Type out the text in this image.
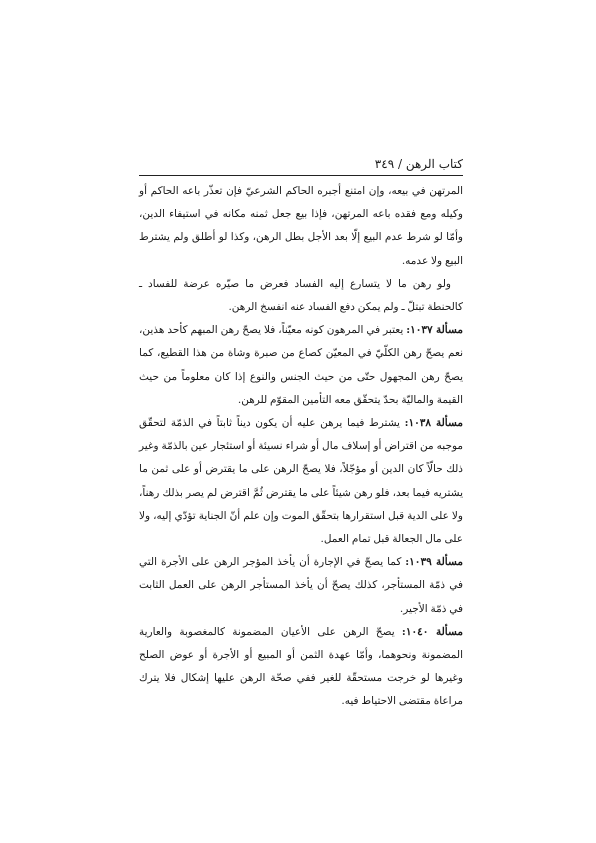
كتاب الرهن / ٣٤٩

المرتهن في بيعه، وإن امتنع أجبره الحاكم الشرعيّ فإن تعذّر باعه الحاكم أو وكيله ومع فقده باعه المرتهن، فإذا بيع جعل ثمنه مكانه في استيفاء الدين، وأمّا لو شرط عدم البيع إلّا بعد الأجل بطل الرهن، وكذا لو أطلق ولم يشترط البيع ولا عدمه.

ولو رهن ما لا يتسارع إليه الفساد فعرض ما صيّره عرضة للفساد ـ كالحنطة تبتلّ ـ ولم يمكن دفع الفساد عنه انفسخ الرهن.

مسألة ١٠٣٧: يعتبر في المرهون كونه معيّناً، فلا يصحّ رهن المبهم كأحد هذين، نعم يصحّ رهن الكلّيّ في المعيّن كصاع من صبرة وشاة من هذا القطيع، كما يصحّ رهن المجهول حتّى من حيث الجنس والنوع إذا كان معلوماً من حيث القيمة والماليّة بحدّ يتحقّق معه التأمين المقوّم للرهن.

مسألة ١٠٣٨: يشترط فيما يرهن عليه أن يكون ديناً ثابتاً في الذمّة لتحقّق موجبه من اقتراض أو إسلاف مال أو شراء نسيئة أو استئجار عين بالذمّة وغير ذلك حالّاً كان الدين أو مؤجّلاً، فلا يصحّ الرهن على ما يقترض أو على ثمن ما يشتريه فيما بعد، فلو رهن شيئاً على ما يقترض ثُمَّ اقترض لم يصر بذلك رهناً، ولا على الدية قبل استقرارها بتحقّق الموت وإن علم أنّ الجناية تؤدّي إليه، ولا على مال الجعالة قبل تمام العمل.

مسألة ١٠٣٩: كما يصحّ في الإجارة أن يأخذ المؤجر الرهن على الأجرة التي في ذمّة المستأجر، كذلك يصحّ أن يأخذ المستأجر الرهن على العمل الثابت في ذمّة الأجير.

مسألة ١٠٤٠: يصحّ الرهن على الأعيان المضمونة كالمغصوبة والعارية المضمونة ونحوهما، وأمّا عهدة الثمن أو المبيع أو الأجرة أو عوض الصلح وغيرها لو خرجت مستحقّة للغير ففي صحّة الرهن عليها إشكال فلا يترك مراعاة مقتضى الاحتياط فيه.
